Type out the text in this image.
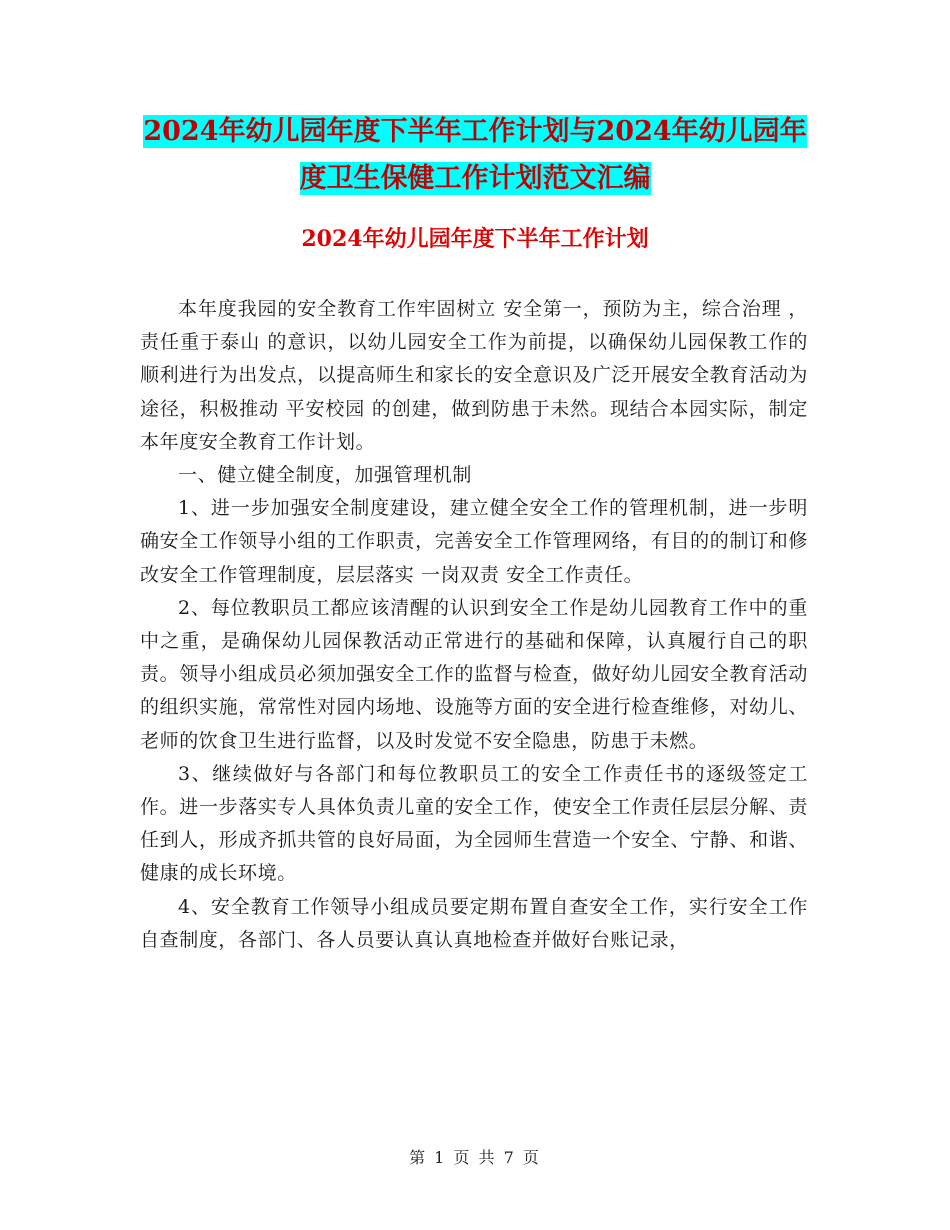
2024年幼儿园年度下半年工作计划与2024年幼儿园年
度卫生保健工作计划范文汇编
2024年幼儿园年度下半年工作计划

本年度我园的安全教育工作牢固树立 安全第一，预防为主，综合治理 ， 责任重于泰山 的意识，以幼儿园安全工作为前提，以确保幼儿园保教工作的顺利进行为出发点，以提高师生和家长的安全意识及广泛开展安全教育活动为途径，积极推动 平安校园 的创建，做到防患于未然。现结合本园实际，制定本年度安全教育工作计划。

一、健立健全制度，加强管理机制

1、进一步加强安全制度建设，建立健全安全工作的管理机制，进一步明确安全工作领导小组的工作职责，完善安全工作管理网络，有目的的制订和修改安全工作管理制度，层层落实 一岗双责 安全工作责任。

2、每位教职员工都应该清醒的认识到安全工作是幼儿园教育工作中的重中之重，是确保幼儿园保教活动正常进行的基础和保障，认真履行自己的职责。领导小组成员必须加强安全工作的监督与检查，做好幼儿园安全教育活动的组织实施，常常性对园内场地、设施等方面的安全进行检查维修，对幼儿、老师的饮食卫生进行监督，以及时发觉不安全隐患，防患于未燃。

3、继续做好与各部门和每位教职员工的安全工作责任书的逐级签定工作。进一步落实专人具体负责儿童的安全工作，使安全工作责任层层分解、责任到人，形成齐抓共管的良好局面，为全园师生营造一个安全、宁静、和谐、健康的成长环境。

4、安全教育工作领导小组成员要定期布置自查安全工作，实行安全工作自查制度，各部门、各人员要认真认真地检查并做好台账记录，

第 1 页 共 7 页
